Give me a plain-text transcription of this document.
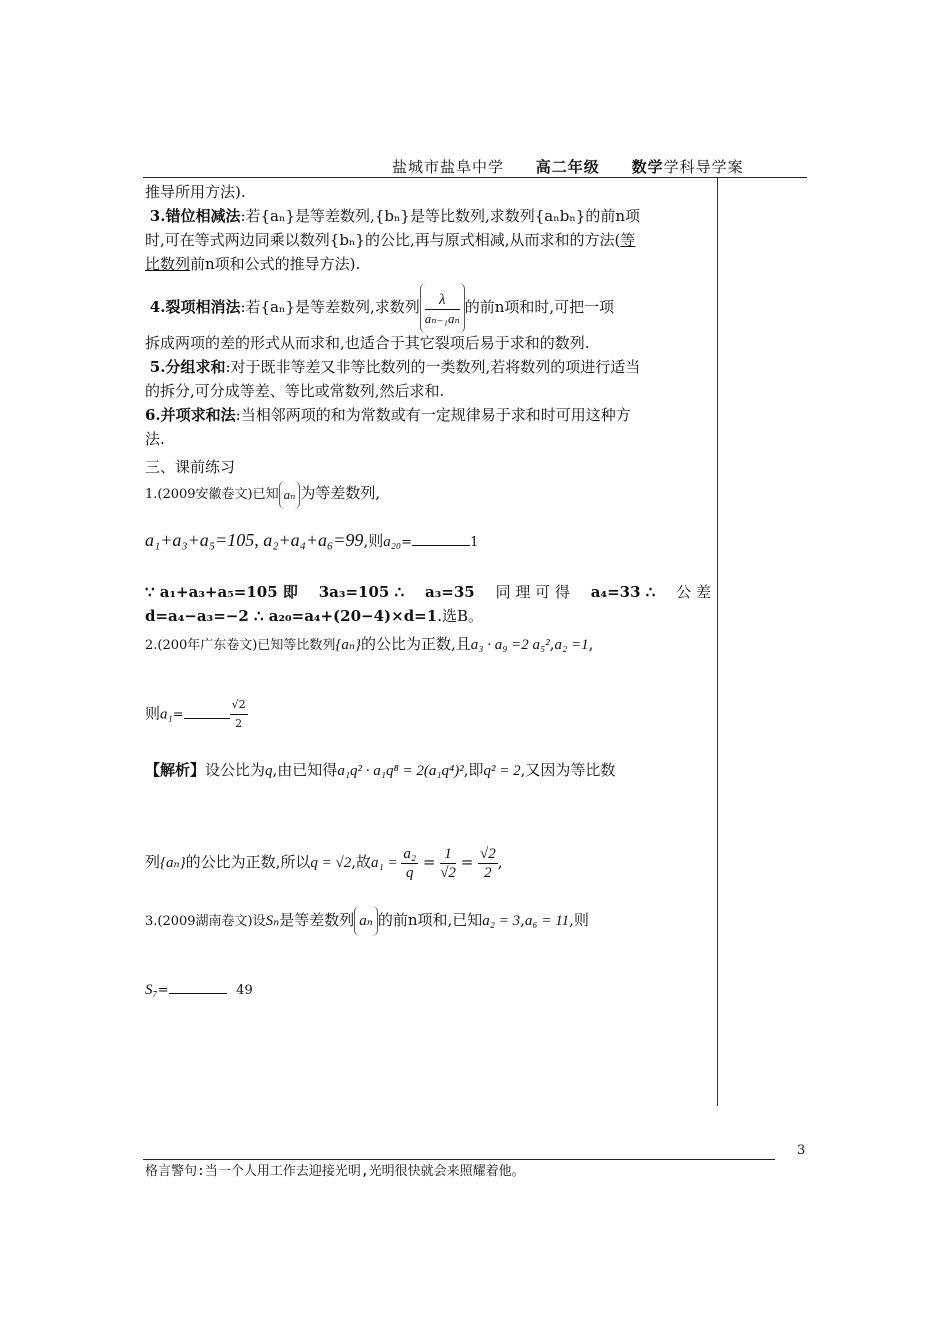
盐城市盐阜中学 高二年级 数学学科导学案

推导所用方法).

3.错位相减法:若{aₙ}是等差数列,{bₙ}是等比数列,求数列{aₙbₙ}的前n项

时,可在等式两边同乘以数列{bₙ}的公比,再与原式相减,从而求和的方法(等

比数列前n项和公式的推导方法).

4.裂项相消法:若{aₙ}是等差数列,求数列 $\frac{\lambda}{\text{aₙ₋₁aₙ}}$ 的前n项和时,可把一项

拆成两项的差的形式从而求和,也适合于其它裂项后易于求和的数列.

5.分组求和:对于既非等差又非等比数列的一类数列,若将数列的项进行适当

的拆分,可分成等差、等比或常数列,然后求和.

6.并项求和法:当相邻两项的和为常数或有一定规律易于求和时可用这种方

法.

三、课前练习

1.(2009安徽卷文)已知 aₙ 为等差数列,

a₁+a₃+a₅=105, a₂+a₄+a₆=99,则a₂₀=	1

∵ a₁+a₃+a₅=105 即 3a₃=105 ∴ a₃=35 同 理 可 得 a₄=33 ∴ 公 差

d=a₄−a₃=−2 ∴ a₂₀=a₄+(20−4)×d=1.选B。

2.(200年广东卷文)已知等比数列{aₙ}的公比为正数,且a₃ · a₉ =2 a₅²,a₂ =1,

则a₁=	$\frac{√2}{2}$

【解析】设公比为q,由已知得a₁q² · a₁q⁸ = 2(a₁q⁴)²,即q² = 2,又因为等比数

列{aₙ}的公比为正数,所以q = √2,故$a_1 = \frac{\text{a₂}}{q} = \frac{1}{√2} = \frac{√2}{2}$ ,

3.(2009湖南卷文)设Sₙ是等差数列 aₙ 的前n项和,已知a₂ = 3,a₆ = 11,则

S₇=	49

3
格言警句:当一个人用工作去迎接光明,光明很快就会来照耀着他。
